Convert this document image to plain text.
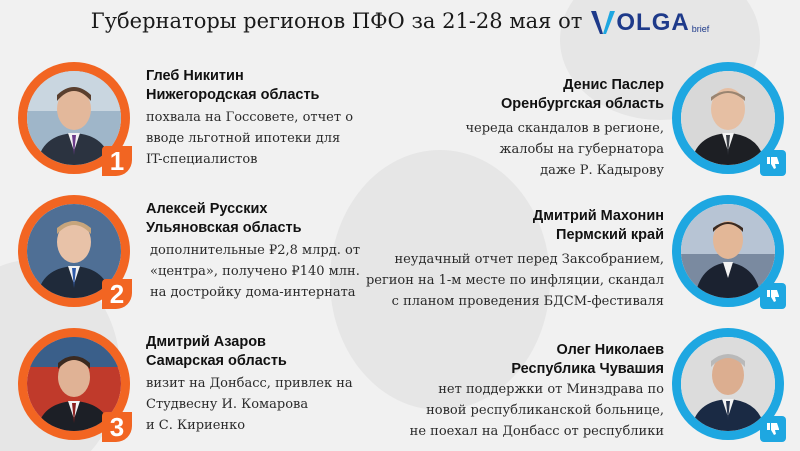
Губернаторы регионов ПФО за 21-28 мая от OLGA brief
1
Глеб Никитин
Нижегородская область
похвала на Госсовете, отчет о
вводе льготной ипотеки для
IT-специалистов
2
Алексей Русских
Ульяновская область
дополнительные ₽2,8 млрд. от
«центра», получено ₽140 млн.
на достройку дома-интерната
3
Дмитрий Азаров
Самарская область
визит на Донбасс, привлек на
Студвесну И. Комарова
и С. Кириенко
Денис Паслер
Оренбургская область
череда скандалов в регионе,
жалобы на губернатора
даже Р. Кадырову
Дмитрий Махонин
Пермский край
неудачный отчет перед Заксобранием,
регион на 1-м месте по инфляции, скандал
с планом проведения БДСМ-фестиваля
Олег Николаев
Республика Чувашия
нет поддержки от Минздрава по
новой республиканской больнице,
не поехал на Донбасс от республики
